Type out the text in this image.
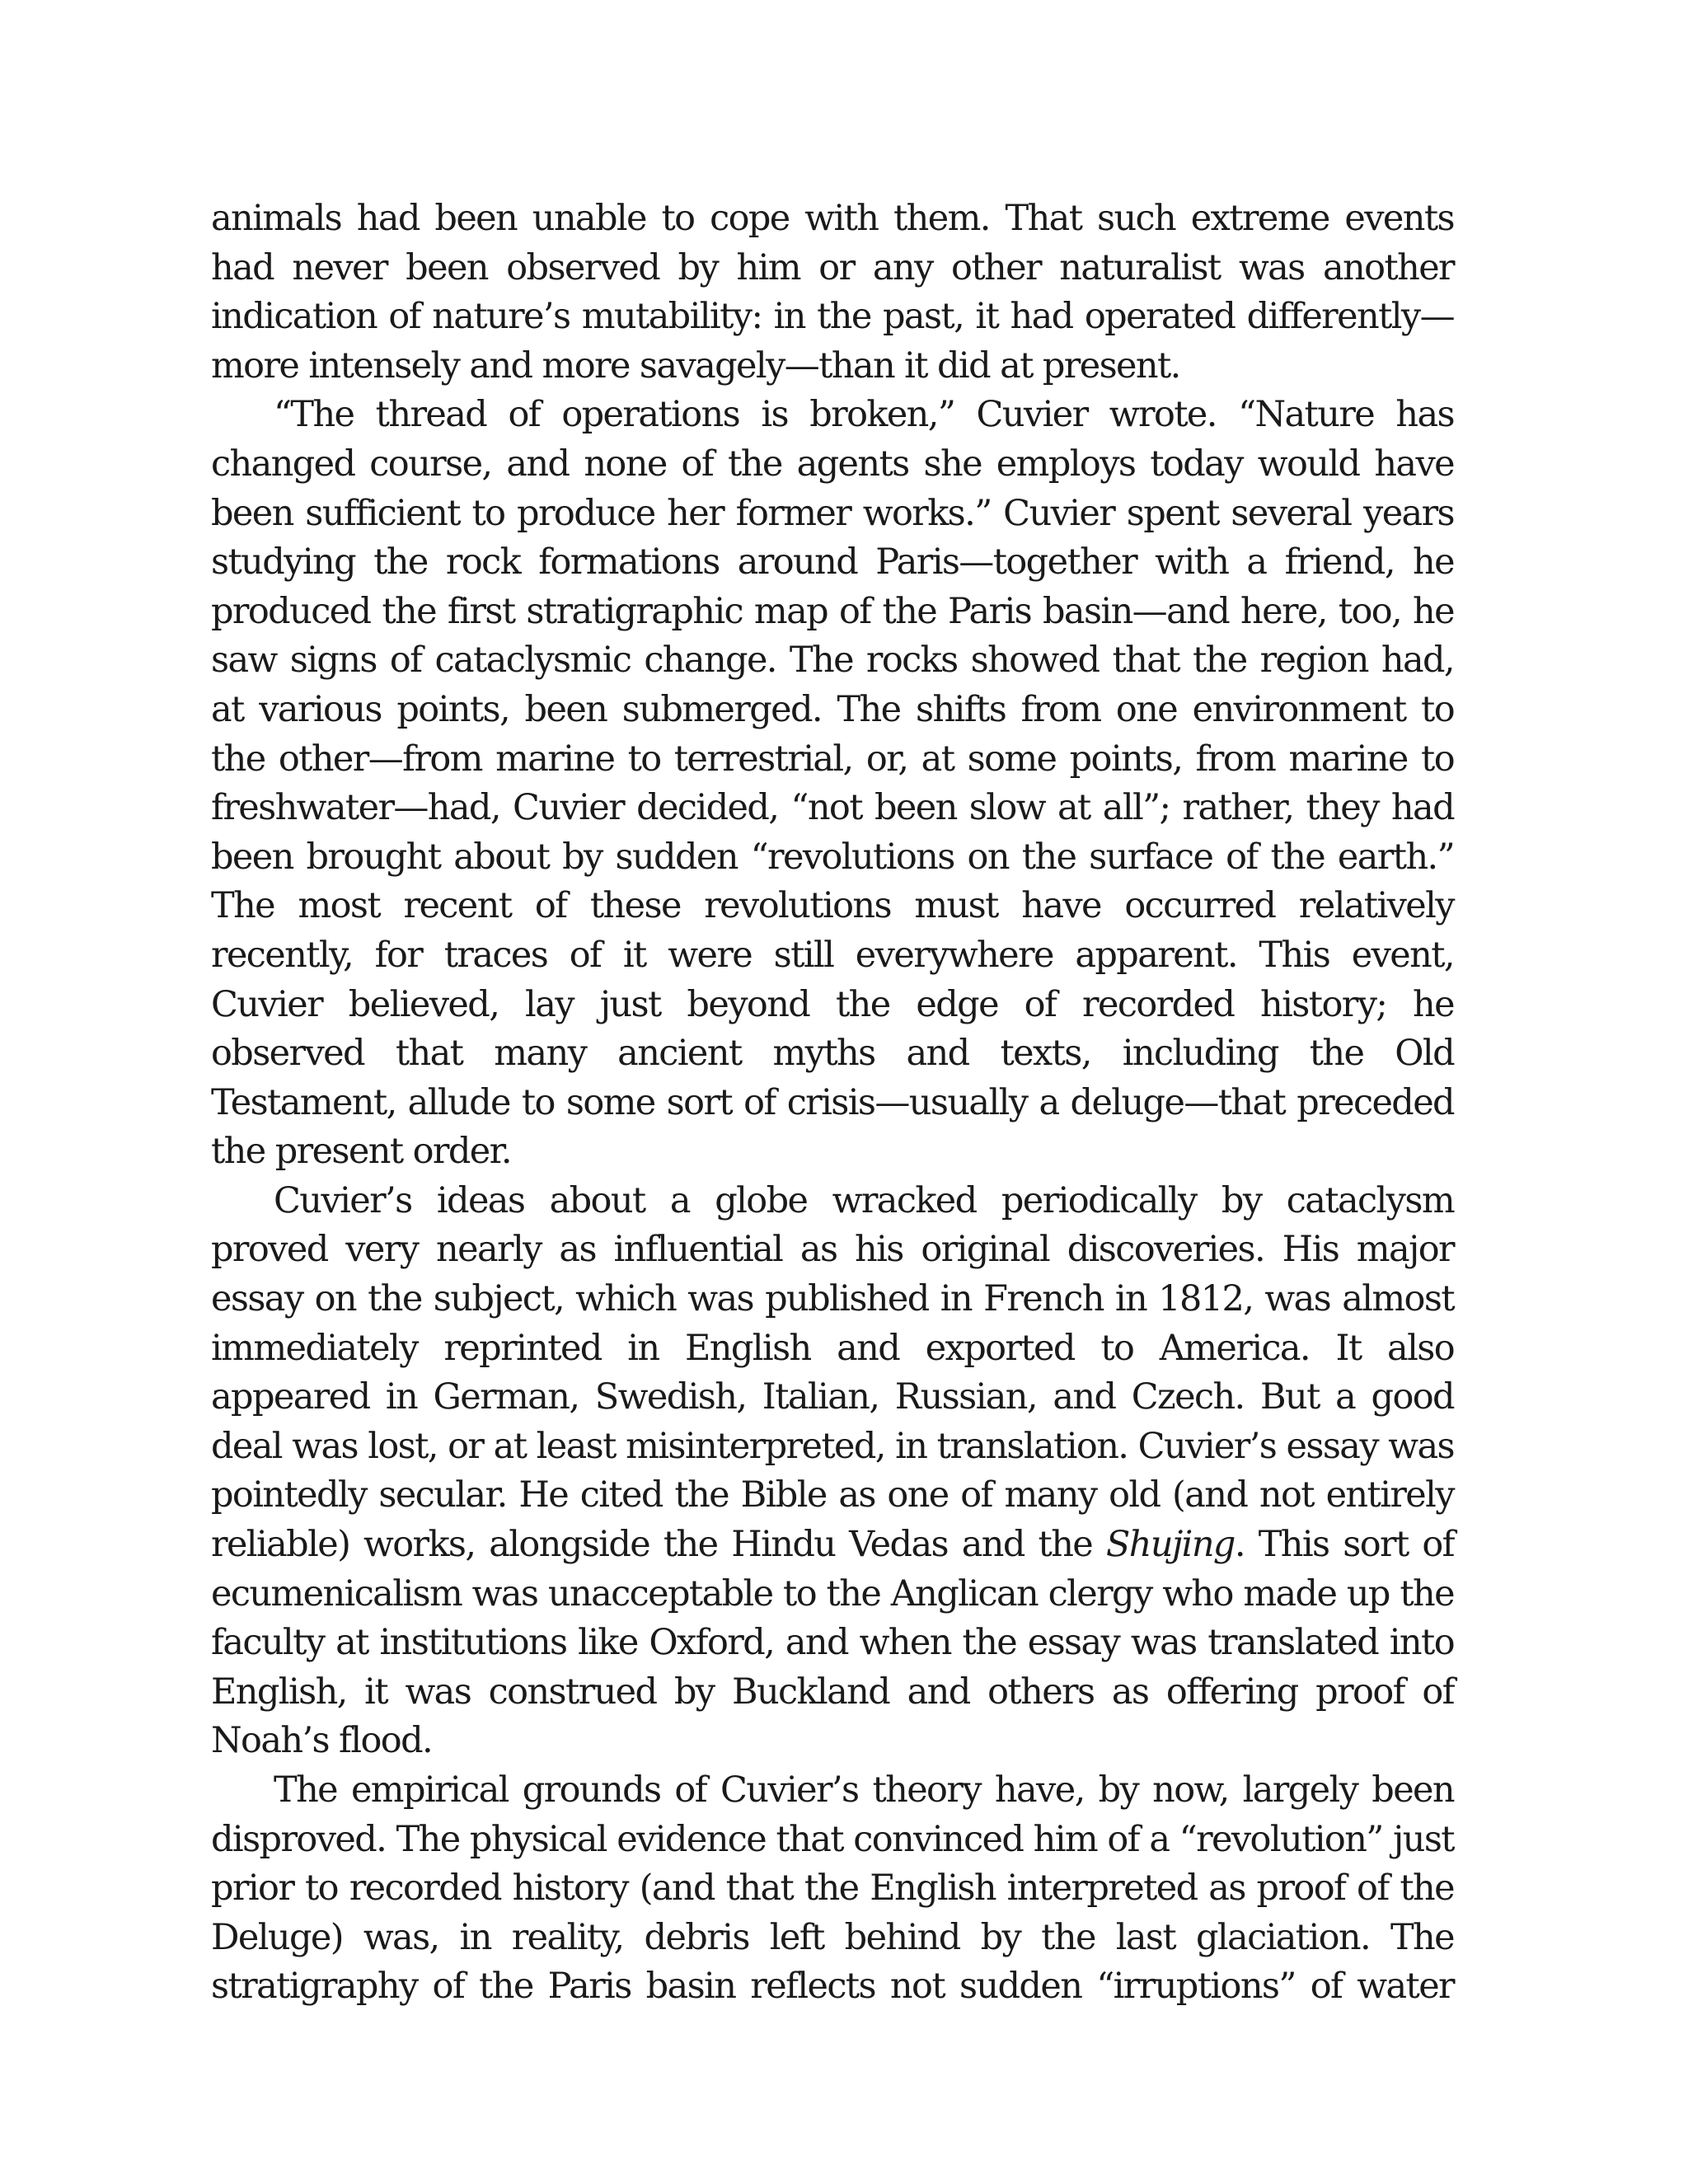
animals had been unable to cope with them. That such extreme events had never been observed by him or any other naturalist was another indication of nature’s mutability: in the past, it had operated differently—more intensely and more savagely—than it did at present.

“The thread of operations is broken,” Cuvier wrote. “Nature has changed course, and none of the agents she employs today would have been sufficient to produce her former works.” Cuvier spent several years studying the rock formations around Paris—together with a friend, he produced the first stratigraphic map of the Paris basin—and here, too, he saw signs of cataclysmic change. The rocks showed that the region had, at various points, been submerged. The shifts from one environment to the other—from marine to terrestrial, or, at some points, from marine to freshwater—had, Cuvier decided, “not been slow at all”; rather, they had been brought about by sudden “revolutions on the surface of the earth.” The most recent of these revolutions must have occurred relatively recently, for traces of it were still everywhere apparent. This event, Cuvier believed, lay just beyond the edge of recorded history; he observed that many ancient myths and texts, including the Old Testament, allude to some sort of crisis—usually a deluge—that preceded the present order.

Cuvier’s ideas about a globe wracked periodically by cataclysm proved very nearly as influential as his original discoveries. His major essay on the subject, which was published in French in 1812, was almost immediately reprinted in English and exported to America. It also appeared in German, Swedish, Italian, Russian, and Czech. But a good deal was lost, or at least misinterpreted, in translation. Cuvier’s essay was pointedly secular. He cited the Bible as one of many old (and not entirely reliable) works, alongside the Hindu Vedas and the Shujing. This sort of ecumenicalism was unacceptable to the Anglican clergy who made up the faculty at institutions like Oxford, and when the essay was translated into English, it was construed by Buckland and others as offering proof of Noah’s flood.

The empirical grounds of Cuvier’s theory have, by now, largely been disproved. The physical evidence that convinced him of a “revolution” just prior to recorded history (and that the English interpreted as proof of the Deluge) was, in reality, debris left behind by the last glaciation. The stratigraphy of the Paris basin reflects not sudden “irruptions” of water
